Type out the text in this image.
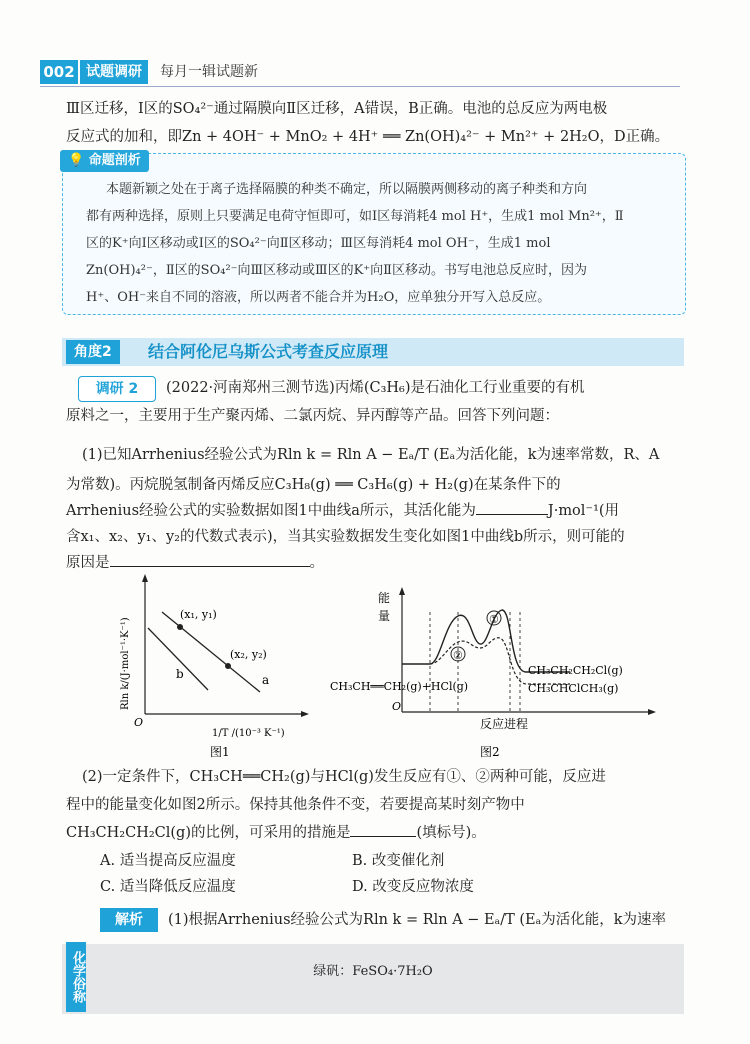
002 试题调研	每月一辑试题新
Ⅲ区迁移，Ⅰ区的SO₄²⁻通过隔膜向Ⅱ区迁移，A错误，B正确。电池的总反应为两电极
反应式的加和，即Zn + 4OH⁻ + MnO₂ + 4H⁺ ══ Zn(OH)₄²⁻ + Mn²⁺ + 2H₂O，D正确。
💡 命题剖析
本题新颖之处在于离子选择隔膜的种类不确定，所以隔膜两侧移动的离子种类和方向
都有两种选择，原则上只要满足电荷守恒即可，如Ⅰ区每消耗4 mol H⁺，生成1 mol Mn²⁺，Ⅱ
区的K⁺向Ⅰ区移动或Ⅰ区的SO₄²⁻向Ⅱ区移动；Ⅲ区每消耗4 mol OH⁻，生成1 mol
Zn(OH)₄²⁻，Ⅱ区的SO₄²⁻向Ⅲ区移动或Ⅲ区的K⁺向Ⅱ区移动。书写电池总反应时，因为
H⁺、OH⁻来自不同的溶液，所以两者不能合并为H₂O，应单独分开写入总反应。
角度2	结合阿伦尼乌斯公式考查反应原理
调研 2	(2022·河南郑州三测节选)丙烯(C₃H₆)是石油化工行业重要的有机
原料之一，主要用于生产聚丙烯、二氯丙烷、异丙醇等产品。回答下列问题：
(1)已知Arrhenius经验公式为Rln k = Rln A − Eₐ/T (Eₐ为活化能，k为速率常数，R、A
为常数)。丙烷脱氢制备丙烯反应C₃H₈(g) ══ C₃H₆(g) + H₂(g)在某条件下的
Arrhenius经验公式的实验数据如图1中曲线a所示，其活化能为	J·mol⁻¹(用
含x₁、x₂、y₁、y₂的代数式表示)，当其实验数据发生变化如图1中曲线b所示，则可能的
原因是	。
(x₁, y₁)
(x₂, y₂)
a
b
O
Rln k/(J·mol⁻¹·K⁻¹)
1/T /(10⁻³ K⁻¹)
图1
①
②
能
量
CH₃CH══CH₂(g)+HCl(g)
CH₃CH₂CH₂Cl(g)
CH₃CHClCH₃(g)
O
反应进程
图2
(2)一定条件下，CH₃CH══CH₂(g)与HCl(g)发生反应有①、②两种可能，反应进
程中的能量变化如图2所示。保持其他条件不变，若要提高某时刻产物中
CH₃CH₂CH₂Cl(g)的比例，可采用的措施是	(填标号)。
A. 适当提高反应温度	B. 改变催化剂
C. 适当降低反应温度	D. 改变反应物浓度
解析	(1)根据Arrhenius经验公式为Rln k = Rln A − Eₐ/T (Eₐ为活化能，k为速率
化学俗称	绿矾：FeSO₄·7H₂O
